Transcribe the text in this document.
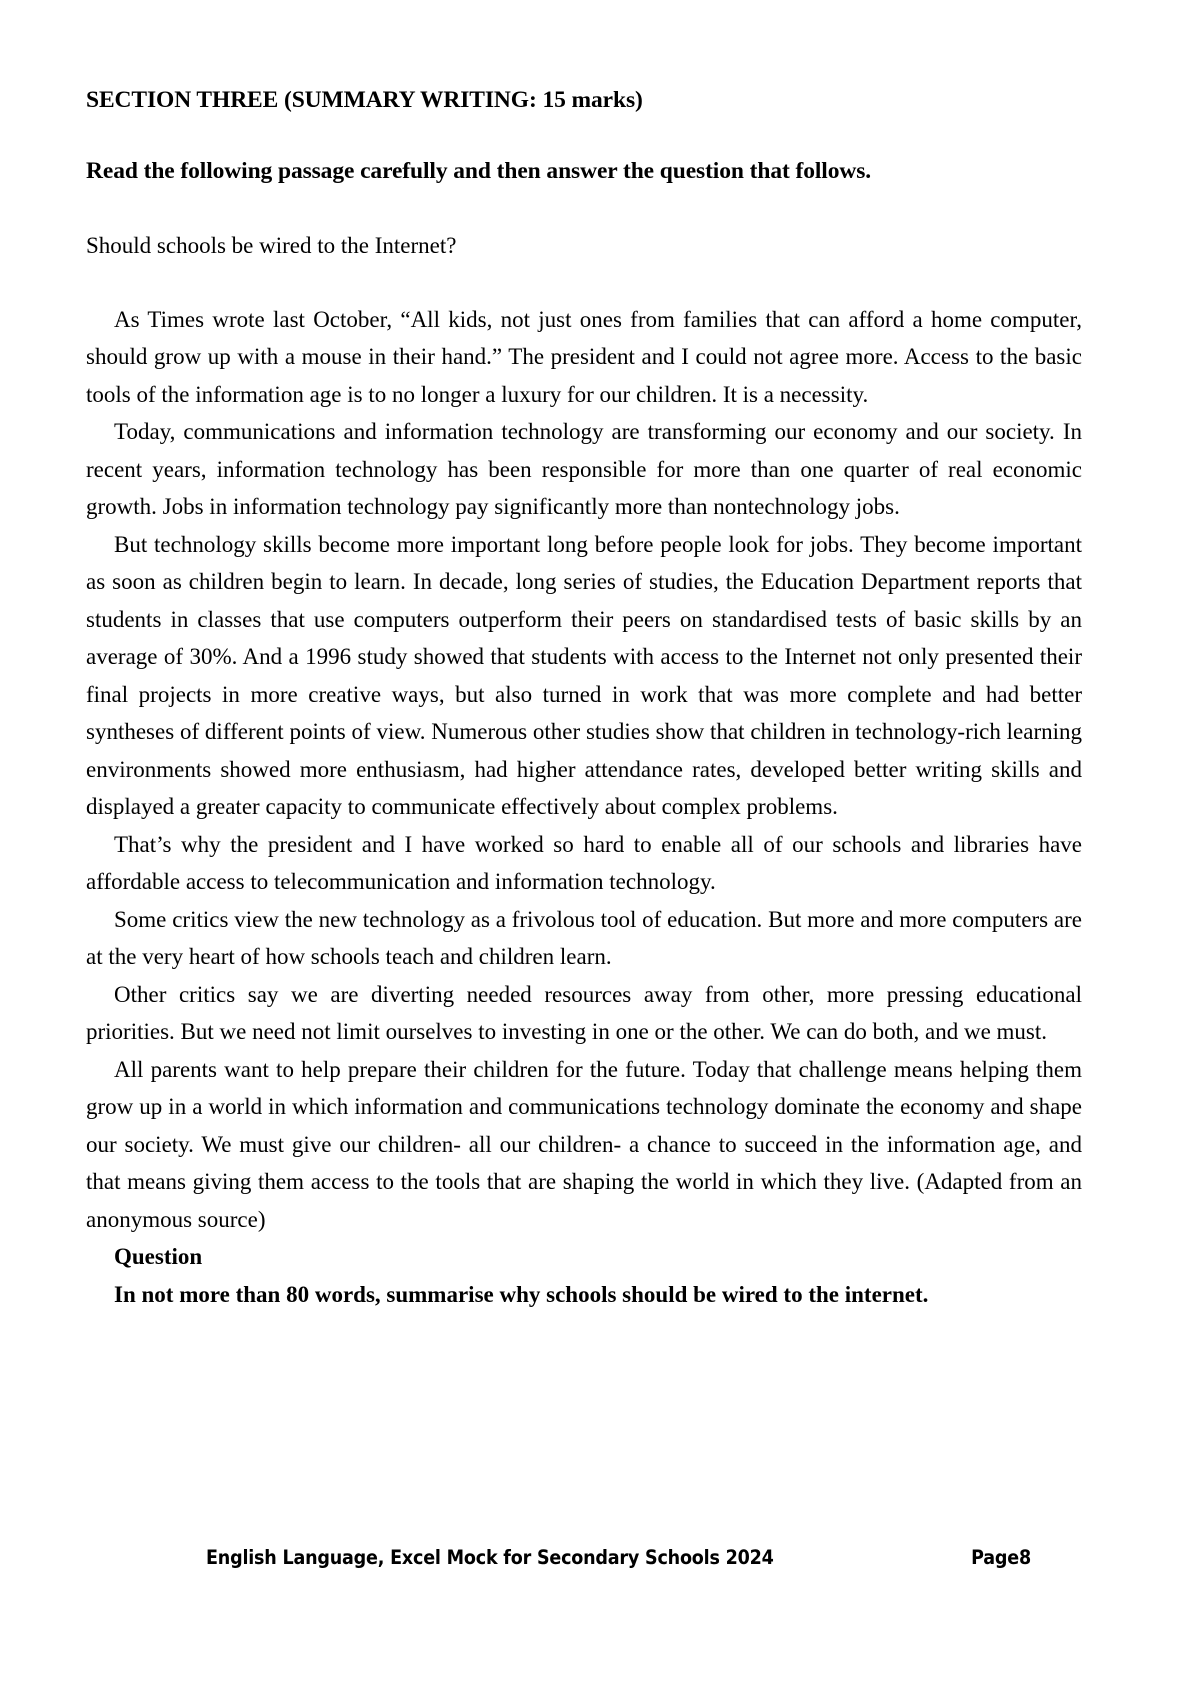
SECTION THREE (SUMMARY WRITING: 15 marks)
Read the following passage carefully and then answer the question that follows.
Should schools be wired to the Internet?

As Times wrote last October, “All kids, not just ones from families that can afford a home computer, should grow up with a mouse in their hand.” The president and I could not agree more. Access to the basic tools of the information age is to no longer a luxury for our children. It is a necessity.

Today, communications and information technology are transforming our economy and our society. In recent years, information technology has been responsible for more than one quarter of real economic growth. Jobs in information technology pay significantly more than nontechnology jobs.

But technology skills become more important long before people look for jobs. They become important as soon as children begin to learn. In decade, long series of studies, the Education Department reports that students in classes that use computers outperform their peers on standardised tests of basic skills by an average of 30%. And a 1996 study showed that students with access to the Internet not only presented their final projects in more creative ways, but also turned in work that was more complete and had better syntheses of different points of view. Numerous other studies show that children in technology-rich learning environments showed more enthusiasm, had higher attendance rates, developed better writing skills and displayed a greater capacity to communicate effectively about complex problems.

That’s why the president and I have worked so hard to enable all of our schools and libraries have affordable access to telecommunication and information technology.

Some critics view the new technology as a frivolous tool of education. But more and more computers are at the very heart of how schools teach and children learn.

Other critics say we are diverting needed resources away from other, more pressing educational priorities. But we need not limit ourselves to investing in one or the other. We can do both, and we must.

All parents want to help prepare their children for the future. Today that challenge means helping them grow up in a world in which information and communications technology dominate the economy and shape our society. We must give our children- all our children- a chance to succeed in the information age, and that means giving them access to the tools that are shaping the world in which they live. (Adapted from an anonymous source)

Question
In not more than 80 words, summarise why schools should be wired to the internet.
English Language, Excel Mock for Secondary Schools 2024	Page8
